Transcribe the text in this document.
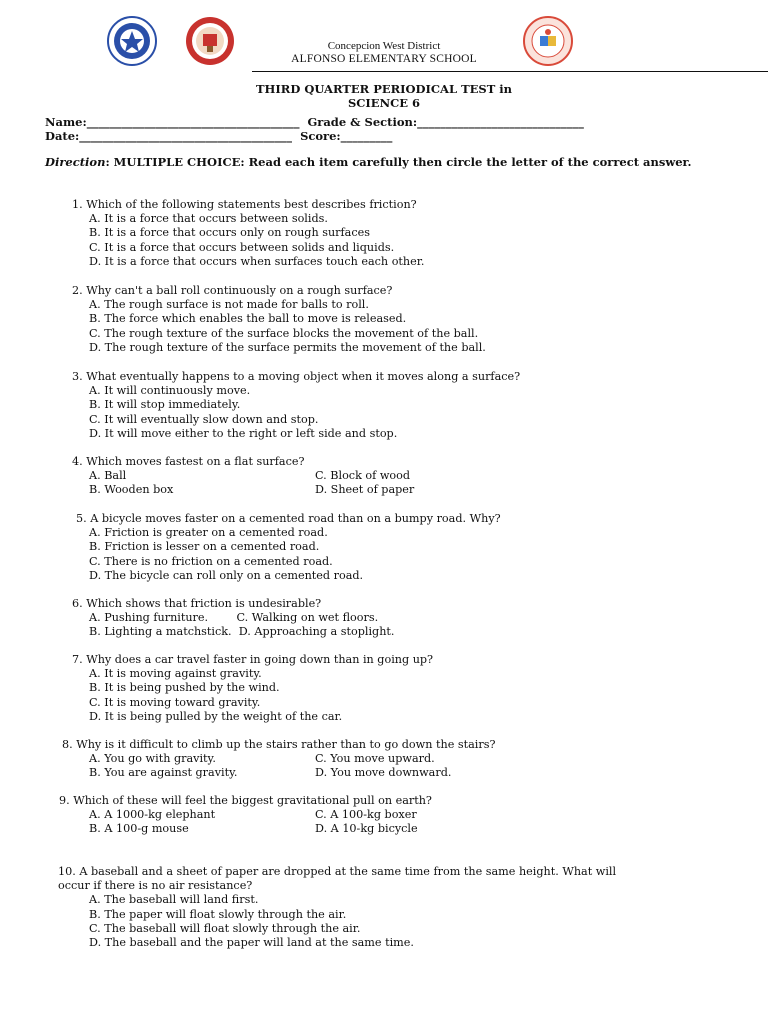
Concepcion West District
ALFONSO ELEMENTARY SCHOOL
THIRD QUARTER PERIODICAL TEST in
SCIENCE 6
Name:_____________________________________ Grade & Section:_____________________________
Date:_____________________________________ Score:_________
Direction: MULTIPLE CHOICE: Read each item carefully then circle the letter of the correct answer.
1. Which of the following statements best describes friction?
A. It is a force that occurs between solids.
B. It is a force that occurs only on rough surfaces
C. It is a force that occurs between solids and liquids.
D. It is a force that occurs when surfaces touch each other.
2. Why can't a ball roll continuously on a rough surface?
A. The rough surface is not made for balls to roll.
B. The force which enables the ball to move is released.
C. The rough texture of the surface blocks the movement of the ball.
D. The rough texture of the surface permits the movement of the ball.
3. What eventually happens to a moving object when it moves along a surface?
A. It will continuously move.
B. It will stop immediately.
C. It will eventually slow down and stop.
D. It will move either to the right or left side and stop.
4. Which moves fastest on a flat surface?
A. Ball	C. Block of wood
B. Wooden box	D. Sheet of paper
5. A bicycle moves faster on a cemented road than on a bumpy road. Why?
A. Friction is greater on a cemented road.
B. Friction is lesser on a cemented road.
C. There is no friction on a cemented road.
D. The bicycle can roll only on a cemented road.
6. Which shows that friction is undesirable?
A. Pushing furniture.        C. Walking on wet floors.
B. Lighting a matchstick.  D. Approaching a stoplight.
7. Why does a car travel faster in going down than in going up?
A. It is moving against gravity.
B. It is being pushed by the wind.
C. It is moving toward gravity.
D. It is being pulled by the weight of the car.
8. Why is it difficult to climb up the stairs rather than to go down the stairs?
A. You go with gravity.	C. You move upward.
B. You are against gravity.	D. You move downward.
9. Which of these will feel the biggest gravitational pull on earth?
A. A 1000-kg elephant	C. A 100-kg boxer
B. A 100-g mouse	D. A 10-kg bicycle
10. A baseball and a sheet of paper are dropped at the same time from the same height. What will
occur if there is no air resistance?
A. The baseball will land first.
B. The paper will float slowly through the air.
C. The baseball will float slowly through the air.
D. The baseball and the paper will land at the same time.
